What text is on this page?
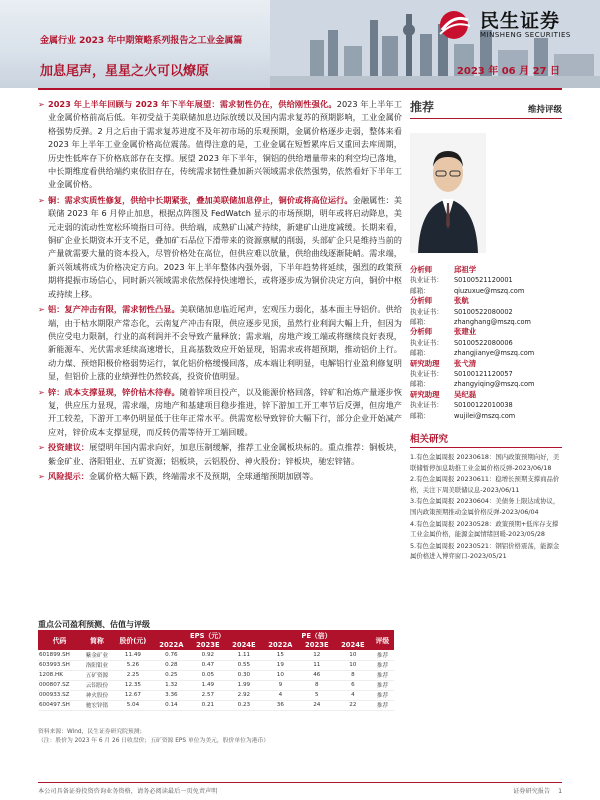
民生证券
MINSHENG SECURITIES
金属行业 2023 年中期策略系列报告之工业金属篇
加息尾声，星星之火可以燎原	2023 年 06 月 27 日
➢ 2023 年上半年回顾与 2023 年下半年展望：需求韧性仍在，供给刚性强化。2023 年上半年工业金属价格前高后低。年初受益于美联储加息边际放缓以及国内需求复苏的预期影响，工业金属价格强势反弹。2 月之后由于需求复苏进度不及年初市场的乐观预期，金属价格逐步走弱，整体来看 2023 年上半年工业金属价格高位震荡。值得注意的是，工业金属在短暂累库后又重回去库周期，历史性低库存下价格底部存在支撑。展望 2023 年下半年，铜铝的供给增量带来的利空均已落地，中长期维度看供给端约束依旧存在，传统需求韧性叠加新兴领域需求依然强势，依然看好下半年工业金属价格。
➢ 铜：需求实质性修复，供给中长期紧张，叠加美联储加息停止，铜价或将高位运行。金融属性：美联储 2023 年 6 月停止加息，根据点阵图及 FedWatch 显示的市场预期，明年或将启动降息，美元走弱的流动性宽松环境指日可待。供给端，成熟矿山减产持续，新建矿山进度减缓。长期来看，铜矿企业长期资本开支不足，叠加矿石品位下滑带来的资源禀赋的削弱，头部矿企只是维持当前的产量就需要大量的资本投入，尽管价格处在高位，但供应难以放量，供给曲线逐渐陡峭。需求端，新兴领域将成为价格决定方向。2023 年上半年整体内强外弱，下半年趋势将延续，强烈的政策预期将提振市场信心，同时新兴领域需求依然保持快速增长，或将逐步成为铜价决定方向，铜价中枢或持续上移。
➢ 铝：复产冲击有限，需求韧性凸显。美联储加息临近尾声，宏观压力弱化，基本面主导铝价。供给端，由于枯水期限产常态化，云南复产冲击有限，供应逐步见顶，虽然行业利润大幅上升，但因为供应受电力限制，行业的高利润并不会导致产量释放；需求端，房地产竣工端或将继续良好表现，新能源车、光伏需求延续高速增长，且高基数效应开始显现，铝需求或将超预期，推动铝价上行。动力煤、预焙阳极价格弱势运行，氧化铝价格缓慢回落，成本端让利明显，电解铝行业盈利修复明显，但铝价上涨的业绩弹性仍然较高，投资价值明显。
➢ 锌：成本支撑显现，锌价枯木待春。随着锌项目投产，以及能源价格回落，锌矿和冶炼产量逐步恢复，供应压力显现，需求端，房地产和基建项目稳步推进，锌下游加工开工率节后反弹，但房地产开工较差，下游开工率仍明显低于往年正常水平。供需宽松导致锌价大幅下行，部分企业开始减产应对，锌价成本支撑显现，而反转仍需等待开工端回暖。
➢ 投资建议：展望明年国内需求向好，加息压制缓解，推荐工业金属板块标的。重点推荐：铜板块，紫金矿业、洛阳钼业、五矿资源；铝板块，云铝股份、神火股份；锌板块，驰宏锌锗。
➢ 风险提示：金属价格大幅下跌，终端需求不及预期，全球通缩预期加剧等。
推荐	维持评级
分析师	邱祖学
执业证书：	S0100521120001
邮箱：	qiuzuxue@mszq.com
分析师	张航
执业证书：	S0100522080002
邮箱：	zhanghang@mszq.com
分析师	张建业
执业证书：	S0100522080006
邮箱：	zhangjianye@mszq.com
研究助理	张弋清
执业证书：	S0100121120057
邮箱：	zhangyiqing@mszq.com
研究助理	吴纪磊
执业证书：	S0100122010038
邮箱：	wujilei@mszq.com
相关研究
1.有色金属周报 20230618：国内政策预期向好，美联储暂停加息助推工业金属价格反弹-2023/06/18
2.有色金属周报 20230611：稳增长预期支撑商品价格，关注下周美联储议息-2023/06/11
3.有色金属周报 20230604：美债务上限达成协议，国内政策预期推动金属价格反弹-2023/06/04
4.有色金属周报 20230528：政策预期+低库存支撑工业金属价格，能源金属情绪回暖-2023/05/28
5.有色金属周报 20230521：钢铝价格震荡，能源金属价格进入博弈窗口-2023/05/21
重点公司盈利预测、估值与评级
代码	简称	股价(元)	EPS（元）			PE（倍）			评级
			2022A	2023E	2024E	2022A	2023E	2024E	
601899.SH	紫金矿业	11.49	0.76	0.92	1.11	15	12	10	推荐
603993.SH	洛阳钼业	5.26	0.28	0.47	0.55	19	11	10	推荐
1208.HK	五矿资源	2.25	0.25	0.05	0.30	10	46	8	推荐
000807.SZ	云铝股份	12.35	1.32	1.49	1.99	9	8	6	推荐
000933.SZ	神火股份	12.67	3.36	2.57	2.92	4	5	4	推荐
600497.SH	驰宏锌锗	5.04	0.14	0.21	0.23	36	24	22	推荐
资料来源：Wind，民生证券研究院预测；
（注：股价为 2023 年 6 月 26 日收盘价；五矿资源 EPS 单位为美元，股价单位为港币）
本公司具备证券投资咨询业务资格，请务必阅读最后一页免责声明	证券研究报告 1
